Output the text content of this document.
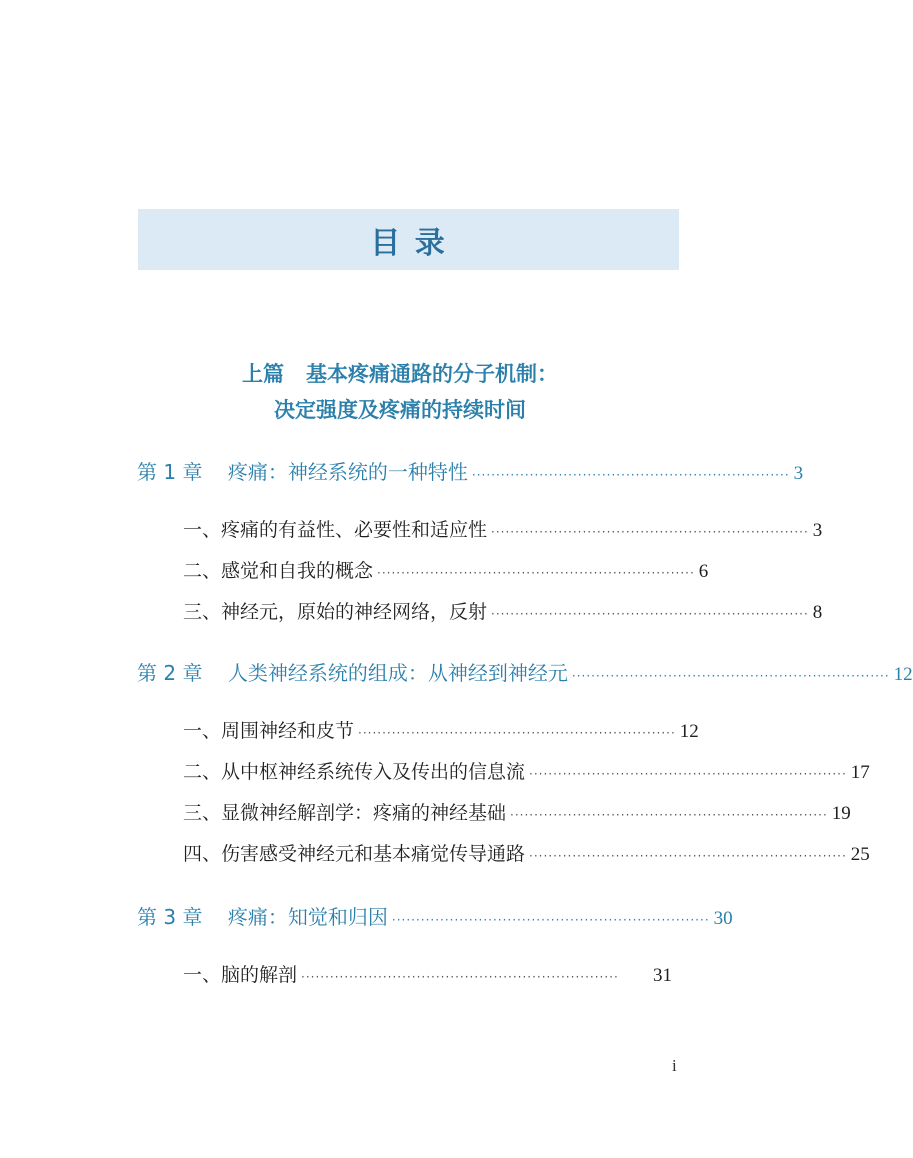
目 录
上篇   基本疼痛通路的分子机制：
决定强度及疼痛的持续时间
第 1 章    疼痛：神经系统的一种特性 ·································································· 3
一、疼痛的有益性、必要性和适应性 ·································································· 3
二、感觉和自我的概念 ·································································· 6
三、神经元，原始的神经网络，反射 ·································································· 8
第 2 章    人类神经系统的组成：从神经到神经元 ·································································· 12
一、周围神经和皮节 ·································································· 12
二、从中枢神经系统传入及传出的信息流 ·································································· 17
三、显微神经解剖学：疼痛的神经基础 ·································································· 19
四、伤害感受神经元和基本痛觉传导通路 ·································································· 25
第 3 章    疼痛：知觉和归因 ·································································· 30
一、脑的解剖 ··································································	31
i
